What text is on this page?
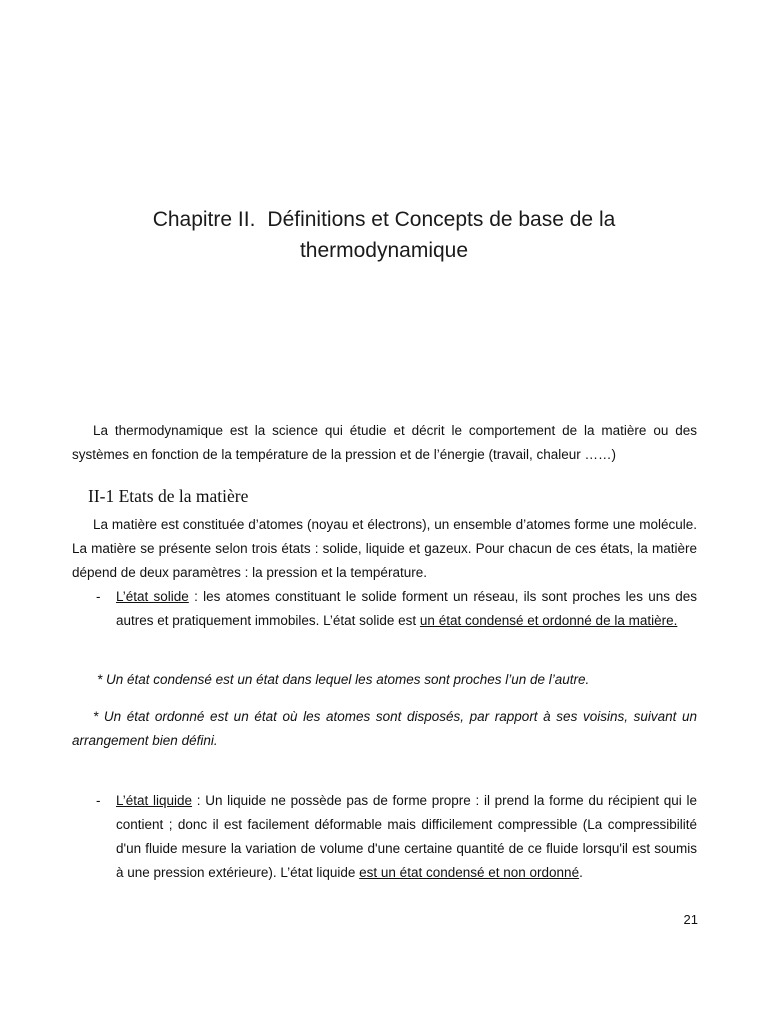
Chapitre II. Définitions et Concepts de base de la
thermodynamique

La thermodynamique est la science qui étudie et décrit le comportement de la matière ou des systèmes en fonction de la température de la pression et de l’énergie (travail, chaleur ……)

II-1 Etats de la matière

La matière est constituée d’atomes (noyau et électrons), un ensemble d’atomes forme une molécule. La matière se présente selon trois états : solide, liquide et gazeux. Pour chacun de ces états, la matière dépend de deux paramètres : la pression et la température.

- L’état solide : les atomes constituant le solide forment un réseau, ils sont proches les uns des autres et pratiquement immobiles. L’état solide est un état condensé et ordonné de la matière.

* Un état condensé est un état dans lequel les atomes sont proches l’un de l’autre.

* Un état ordonné est un état où les atomes sont disposés, par rapport à ses voisins, suivant un arrangement bien défini.

- L’état liquide : Un liquide ne possède pas de forme propre : il prend la forme du récipient qui le contient ; donc il est facilement déformable mais difficilement compressible (La compressibilité d'un fluide mesure la variation de volume d'une certaine quantité de ce fluide lorsqu'il est soumis à une pression extérieure). L’état liquide est un état condensé et non ordonné.

21
